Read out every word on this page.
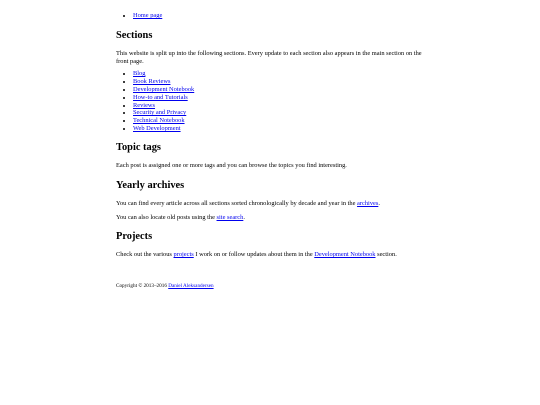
• Home page
Sections

This website is split up into the following sections. Every update to each section also appears in the main section on the front page.

• Blog
• Book Reviews
• Development Notebook
• How-to and Tutorials
• Reviews
• Security and Privacy
• Technical Notebook
• Web Development
Topic tags

Each post is assigned one or more tags and you can browse the topics you find interesting.

Yearly archives

You can find every article across all sections sorted chronologically by decade and year in the archives.

You can also locate old posts using the site search.

Projects

Check out the various projects I work on or follow updates about them in the Development Notebook section.

Copyright © 2013–2016 Daniel Aleksandersen
